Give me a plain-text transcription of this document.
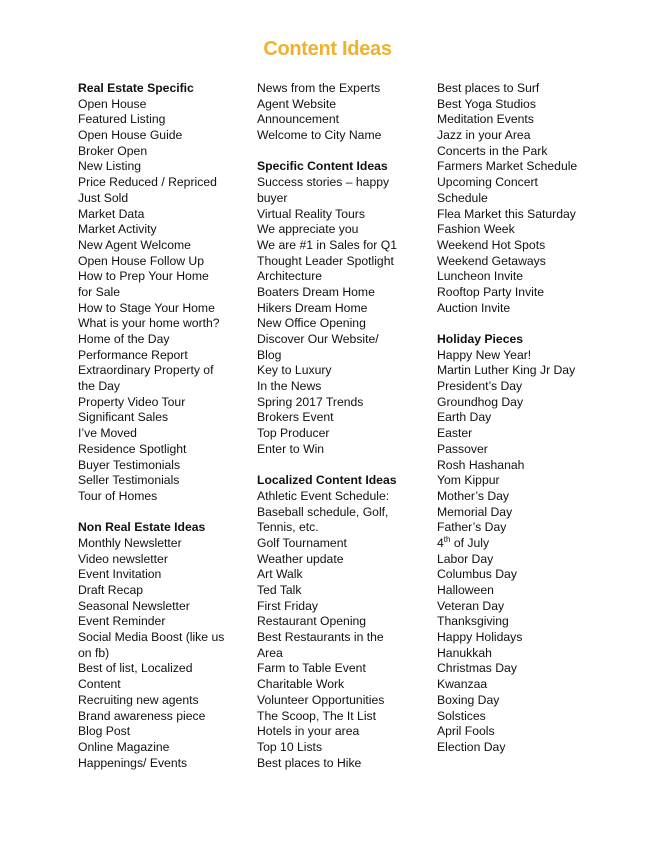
Content Ideas
Real Estate Specific
Open House
Featured Listing
Open House Guide
Broker Open
New Listing
Price Reduced / Repriced
Just Sold
Market Data
Market Activity
New Agent Welcome
Open House Follow Up
How to Prep Your Home
for Sale
How to Stage Your Home
What is your home worth?
Home of the Day
Performance Report
Extraordinary Property of
the Day
Property Video Tour
Significant Sales
I’ve Moved
Residence Spotlight
Buyer Testimonials
Seller Testimonials
Tour of Homes
Non Real Estate Ideas
Monthly Newsletter
Video newsletter
Event Invitation
Draft Recap
Seasonal Newsletter
Event Reminder
Social Media Boost (like us
on fb)
Best of list, Localized
Content
Recruiting new agents
Brand awareness piece
Blog Post
Online Magazine
Happenings/ Events
News from the Experts
Agent Website
Announcement
Welcome to City Name
Specific Content Ideas
Success stories – happy
buyer
Virtual Reality Tours
We appreciate you
We are #1 in Sales for Q1
Thought Leader Spotlight
Architecture
Boaters Dream Home
Hikers Dream Home
New Office Opening
Discover Our Website/
Blog
Key to Luxury
In the News
Spring 2017 Trends
Brokers Event
Top Producer
Enter to Win
Localized Content Ideas
Athletic Event Schedule:
Baseball schedule, Golf,
Tennis, etc.
Golf Tournament
Weather update
Art Walk
Ted Talk
First Friday
Restaurant Opening
Best Restaurants in the
Area
Farm to Table Event
Charitable Work
Volunteer Opportunities
The Scoop, The It List
Hotels in your area
Top 10 Lists
Best places to Hike
Best places to Surf
Best Yoga Studios
Meditation Events
Jazz in your Area
Concerts in the Park
Farmers Market Schedule
Upcoming Concert
Schedule
Flea Market this Saturday
Fashion Week
Weekend Hot Spots
Weekend Getaways
Luncheon Invite
Rooftop Party Invite
Auction Invite
Holiday Pieces
Happy New Year!
Martin Luther King Jr Day
President’s Day
Groundhog Day
Earth Day
Easter
Passover
Rosh Hashanah
Yom Kippur
Mother’s Day
Memorial Day
Father’s Day
4th of July
Labor Day
Columbus Day
Halloween
Veteran Day
Thanksgiving
Happy Holidays
Hanukkah
Christmas Day
Kwanzaa
Boxing Day
Solstices
April Fools
Election Day
